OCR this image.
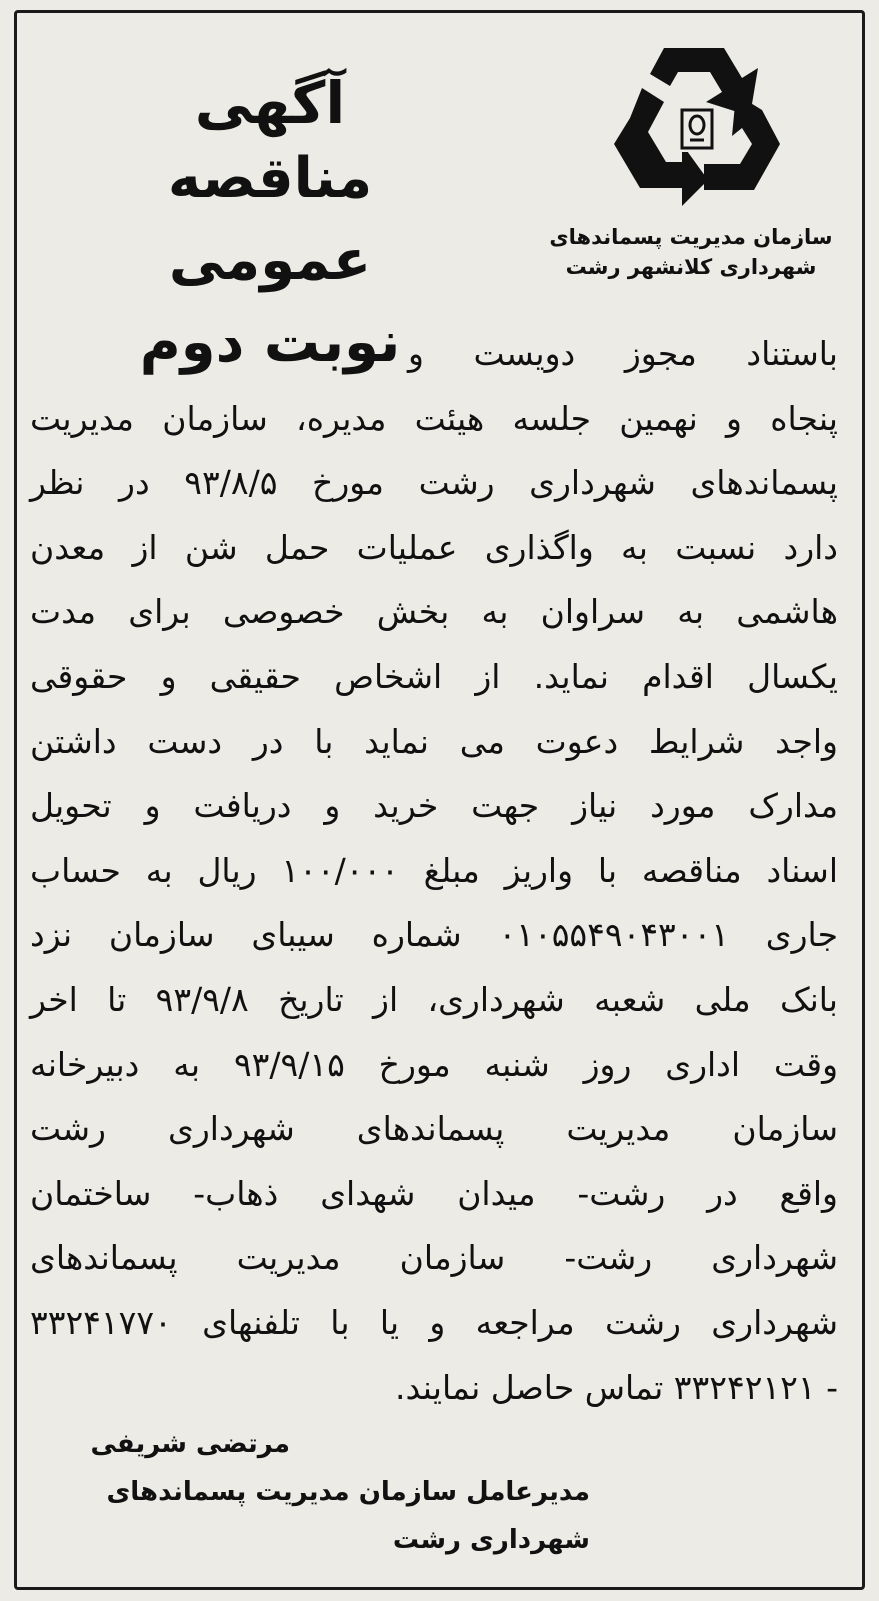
سازمان مدیریت پسماندهای
شهرداری کلانشهر رشت
آگهی
مناقصه عمومی
نوبت دوم باستناد مجوز دویست و
پنجاه و نهمین جلسه هیئت مدیره، سازمان مدیریت
پسماندهای شهرداری رشت مورخ ۹۳/۸/۵ در نظر
دارد نسبت به واگذاری عملیات حمل شن از معدن
هاشمی به سراوان به بخش خصوصی برای مدت
یکسال اقدام نماید. از اشخاص حقیقی و حقوقی
واجد شرایط دعوت می نماید با در دست داشتن
مدارک مورد نیاز جهت خرید و دریافت و تحویل
اسناد مناقصه با واریز مبلغ ۱۰۰/۰۰۰ ریال به حساب
جاری ۰۱۰۵۵۴۹۰۴۳۰۰۱ شماره سیبای سازمان نزد
بانک ملی شعبه شهرداری، از تاریخ ۹۳/۹/۸ تا اخر
وقت اداری روز شنبه مورخ ۹۳/۹/۱۵ به دبیرخانه
سازمان مدیریت پسماندهای شهرداری رشت
واقع در رشت- میدان شهدای ذهاب- ساختمان
شهرداری رشت- سازمان مدیریت پسماندهای
شهرداری رشت مراجعه و یا با تلفنهای ۳۳۲۴۱۷۷۰
- ۳۳۲۴۲۱۲۱ تماس حاصل نمایند.
مرتضی شریفی
مدیرعامل سازمان مدیریت پسماندهای
شهرداری رشت
